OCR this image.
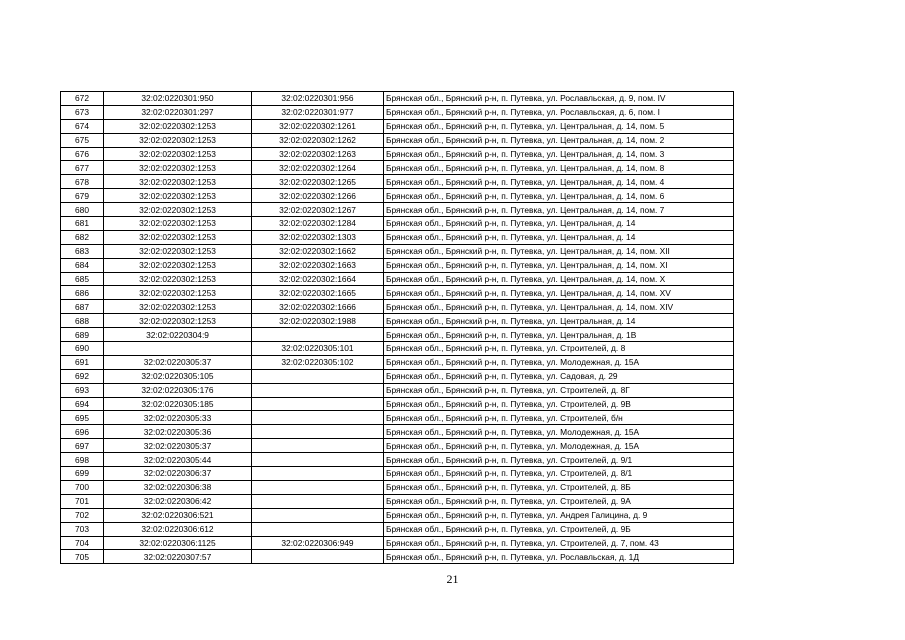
672	32:02:0220301:950	32:02:0220301:956	Брянская обл., Брянский р-н, п. Путевка, ул. Рославльская, д. 9, пом. IV
673	32:02:0220301:297	32:02:0220301:977	Брянская обл., Брянский р-н, п. Путевка, ул. Рославльская, д. 6, пом. I
674	32:02:0220302:1253	32:02:0220302:1261	Брянская обл., Брянский р-н, п. Путевка, ул. Центральная, д. 14, пом. 5
675	32:02:0220302:1253	32:02:0220302:1262	Брянская обл., Брянский р-н, п. Путевка, ул. Центральная, д. 14, пом. 2
676	32:02:0220302:1253	32:02:0220302:1263	Брянская обл., Брянский р-н, п. Путевка, ул. Центральная, д. 14, пом. 3
677	32:02:0220302:1253	32:02:0220302:1264	Брянская обл., Брянский р-н, п. Путевка, ул. Центральная, д. 14, пом. 8
678	32:02:0220302:1253	32:02:0220302:1265	Брянская обл., Брянский р-н, п. Путевка, ул. Центральная, д. 14, пом. 4
679	32:02:0220302:1253	32:02:0220302:1266	Брянская обл., Брянский р-н, п. Путевка, ул. Центральная, д. 14, пом. 6
680	32:02:0220302:1253	32:02:0220302:1267	Брянская обл., Брянский р-н, п. Путевка, ул. Центральная, д. 14, пом. 7
681	32:02:0220302:1253	32:02:0220302:1284	Брянская обл., Брянский р-н, п. Путевка, ул. Центральная, д. 14
682	32:02:0220302:1253	32:02:0220302:1303	Брянская обл., Брянский р-н, п. Путевка, ул. Центральная, д. 14
683	32:02:0220302:1253	32:02:0220302:1662	Брянская обл., Брянский р-н, п. Путевка, ул. Центральная, д. 14, пом. XII
684	32:02:0220302:1253	32:02:0220302:1663	Брянская обл., Брянский р-н, п. Путевка, ул. Центральная, д. 14, пом. XI
685	32:02:0220302:1253	32:02:0220302:1664	Брянская обл., Брянский р-н, п. Путевка, ул. Центральная, д. 14, пом. X
686	32:02:0220302:1253	32:02:0220302:1665	Брянская обл., Брянский р-н, п. Путевка, ул. Центральная, д. 14, пом. XV
687	32:02:0220302:1253	32:02:0220302:1666	Брянская обл., Брянский р-н, п. Путевка, ул. Центральная, д. 14, пом. XIV
688	32:02:0220302:1253	32:02:0220302:1988	Брянская обл., Брянский р-н, п. Путевка, ул. Центральная, д. 14
689	32:02:0220304:9		Брянская обл., Брянский р-н, п. Путевка, ул. Центральная, д. 1В
690		32:02:0220305:101	Брянская обл., Брянский р-н, п. Путевка, ул. Строителей, д. 8
691	32:02:0220305:37	32:02:0220305:102	Брянская обл., Брянский р-н, п. Путевка, ул. Молодежная, д. 15А
692	32:02:0220305:105		Брянская обл., Брянский р-н, п. Путевка, ул. Садовая, д. 29
693	32:02:0220305:176		Брянская обл., Брянский р-н, п. Путевка, ул. Строителей, д. 8Г
694	32:02:0220305:185		Брянская обл., Брянский р-н, п. Путевка, ул. Строителей, д. 9В
695	32:02:0220305:33		Брянская обл., Брянский р-н, п. Путевка, ул. Строителей, б/н
696	32:02:0220305:36		Брянская обл., Брянский р-н, п. Путевка, ул. Молодежная, д. 15А
697	32:02:0220305:37		Брянская обл., Брянский р-н, п. Путевка, ул. Молодежная, д. 15А
698	32:02:0220305:44		Брянская обл., Брянский р-н, п. Путевка, ул. Строителей, д. 9/1
699	32:02:0220306:37		Брянская обл., Брянский р-н, п. Путевка, ул. Строителей, д. 8/1
700	32:02:0220306:38		Брянская обл., Брянский р-н, п. Путевка, ул. Строителей, д. 8Б
701	32:02:0220306:42		Брянская обл., Брянский р-н, п. Путевка, ул. Строителей, д. 9А
702	32:02:0220306:521		Брянская обл., Брянский р-н, п. Путевка, ул. Андрея Галицина, д. 9
703	32:02:0220306:612		Брянская обл., Брянский р-н, п. Путевка, ул. Строителей, д. 9Б
704	32:02:0220306:1125	32:02:0220306:949	Брянская обл., Брянский р-н, п. Путевка, ул. Строителей, д. 7, пом. 43
705	32:02:0220307:57		Брянская обл., Брянский р-н, п. Путевка, ул. Рославльская, д. 1Д
21
